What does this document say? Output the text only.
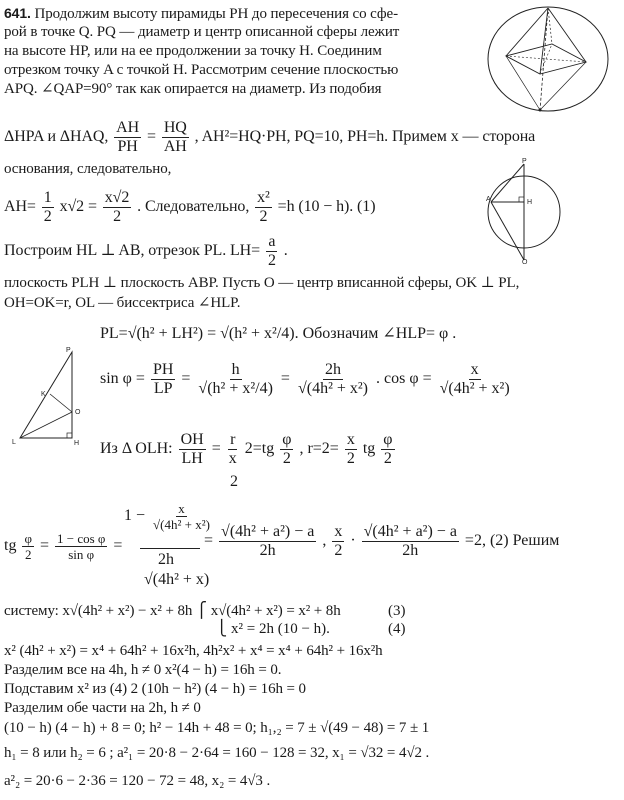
641. Продолжим высоту пирамиды PH до пересечения со сфе-
рой в точке Q. PQ — диаметр и центр описанной сферы лежит
на высоте HP, или на ее продолжении за точку H. Соединим
отрезком точку A с точкой H. Рассмотрим сечение плоскостью
APQ. ∠QAP=90° так как опирается на диаметр. Из подобия
ΔHPA и ΔHAQ, $\frac{AH}{PH} = \frac{HQ}{AH}$ , AH²=HQ·PH, PQ=10, PH=h. Примем x — сторона
основания, следовательно,
$AH= \frac{1}{2} x√2 = \frac{x√2}{2}$ . Следовательно, $\frac{\text{x²}}{2} =h$ (10 − h). (1)
P
A	H
Q
Построим HL ⊥ AB, отрезок PL. $LH= \frac{a}{2}$ .
плоскость PLH ⊥ плоскость ABP. Пусть O — центр вписанной сферы, OK ⊥ PL,
OH=OK=r, OL — биссектриса ∠HLP.
PL=√(h² + LH²) = √(h² + x²/4). Обозначим ∠HLP= φ .
P
K
O
L	H
$\sin \varphi = \frac{PH}{LP} = \frac{h}{\text{√(h² + x²/4)}} = \frac{2h}{\text{√(4h² + x²)}}$ . $\cos \varphi = \frac{x}{\text{√(4h² + x²)}}$
Из Δ OLH: $\frac{OH}{LH} = \frac{r}{x} 2=tg \frac{\varphi}{2}$ , $r=2= \frac{x}{2}$ tg $\frac{\varphi}{2}$
2
tg $\frac{\varphi}{2} = \frac{\text{1 − cos φ}}{\text{sin φ}}$ =
$1 - \frac{x}{\text{√(4h² + x²)}}$
2h
√(4h² + x)
= $\frac{\text{√(4h² + a²) − a}}{2h}$ , $\frac{x}{2} \cdot \frac{\text{√(4h² + a²) − a}}{2h} =2$, (2) Решим
систему: x√(4h² + x²) − x² + 8h ⎧ x√(4h² + x²) = x² + 8h
⎩ x² = 2h (10 − h).
(3)
(4)
x² (4h² + x²) = x⁴ + 64h² + 16x²h, 4h²x² + x⁴ = x⁴ + 64h² + 16x²h
Разделим все на 4h, h ≠ 0 x²(4 − h) = 16h = 0.
Подставим x² из (4) 2 (10h − h²) (4 − h) = 16h = 0
Разделим обе части на 2h, h ≠ 0
(10 − h) (4 − h) + 8 = 0; h² − 14h + 48 = 0; h₁,₂ = 7 ± √(49 − 48) = 7 ± 1
h₁ = 8 или h₂ = 6 ; a²₁ = 20·8 − 2·64 = 160 − 128 = 32, x₁ = √32 = 4√2 .
a²₂ = 20·6 − 2·36 = 120 − 72 = 48, x₂ = 4√3 .
